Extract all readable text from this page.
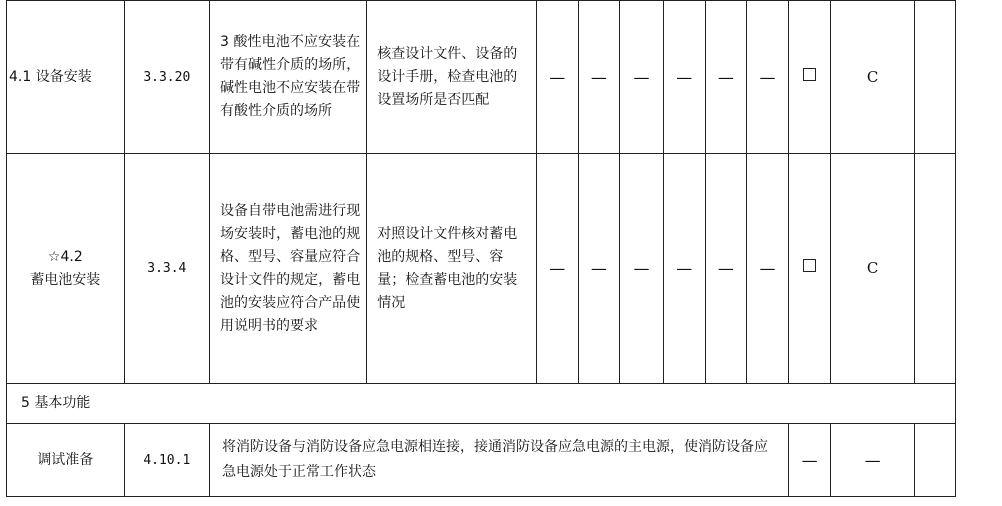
4.1 设备安装	3.3.20	3 酸性电池不应安装在带有碱性介质的场所，碱性电池不应安装在带有酸性介质的场所	核查设计文件、设备的设计手册，检查电池的设置场所是否匹配	—	—	—	—	—	—		C	

☆4.2
蓄电池安装	3.3.4	设备自带电池需进行现场安装时，蓄电池的规格、型号、容量应符合设计文件的规定，蓄电池的安装应符合产品使用说明书的要求	对照设计文件核对蓄电池的规格、型号、容量；检查蓄电池的安装情况	—	—	—	—	—	—		C	
5 基本功能												
调试准备	4.10.1	将消防设备与消防设备应急电源相连接，接通消防设备应急电源的主电源，使消防设备应急电源处于正常工作状态								—	—	
